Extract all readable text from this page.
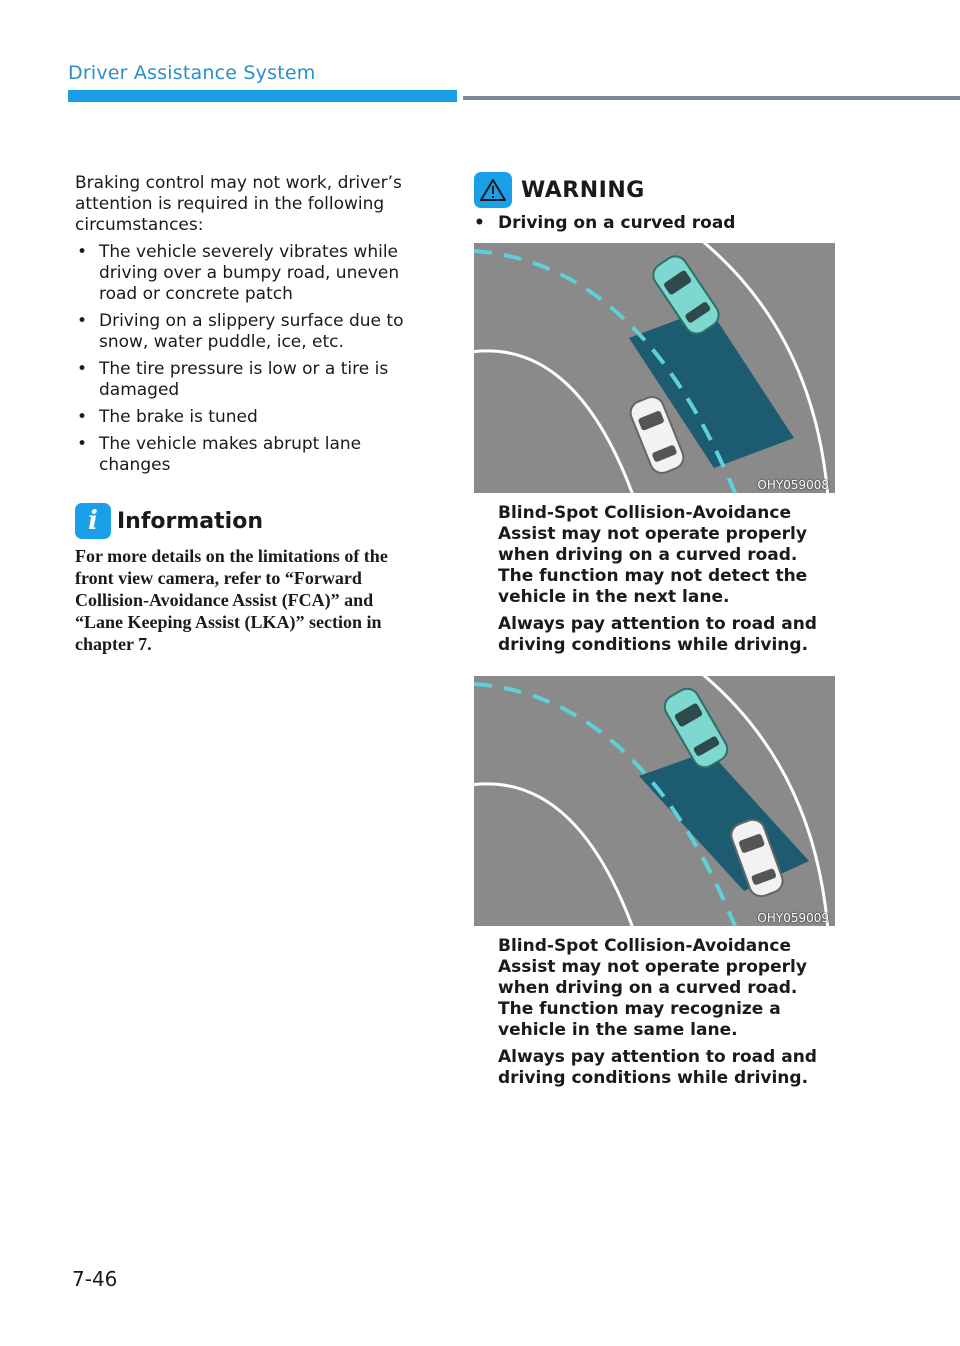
Driver Assistance System

Braking control may not work, driver’s attention is required in the following circumstances:

• The vehicle severely vibrates while driving over a bumpy road, uneven road or concrete patch
• Driving on a slippery surface due to snow, water puddle, ice, etc.
• The tire pressure is low or a tire is damaged
• The brake is tuned
• The vehicle makes abrupt lane changes
i Information
For more details on the limitations of the front view camera, refer to “Forward Collision-Avoidance Assist (FCA)” and “Lane Keeping Assist (LKA)” section in chapter 7.
WARNING
• Driving on a curved road
OHY059008

Blind-Spot Collision-Avoidance Assist may not operate properly when driving on a curved road. The function may not detect the vehicle in the next lane.

Always pay attention to road and driving conditions while driving.

OHY059009

Blind-Spot Collision-Avoidance Assist may not operate properly when driving on a curved road. The function may recognize a vehicle in the same lane.

Always pay attention to road and driving conditions while driving.

7-46
